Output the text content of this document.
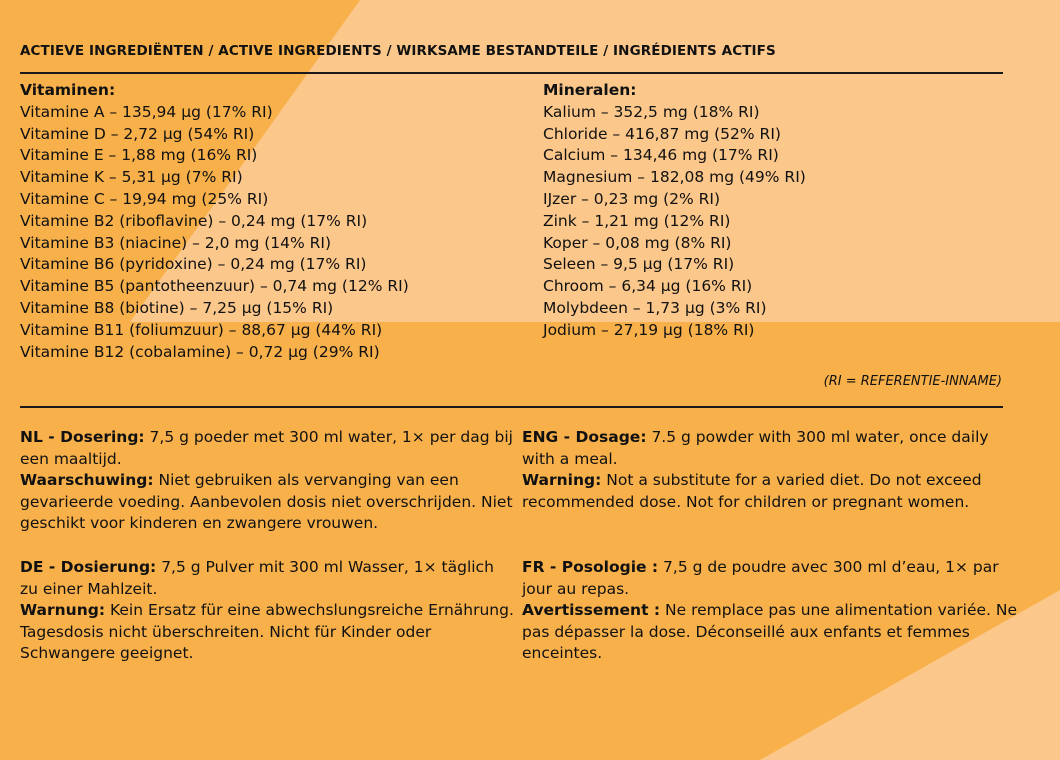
ACTIEVE INGREDIËNTEN / ACTIVE INGREDIENTS / WIRKSAME BESTANDTEILE / INGRÉDIENTS ACTIFS
Vitaminen:
Vitamine A – 135,94 μg (17% RI)
Vitamine D – 2,72 μg (54% RI)
Vitamine E – 1,88 mg (16% RI)
Vitamine K – 5,31 μg (7% RI)
Vitamine C – 19,94 mg (25% RI)
Vitamine B2 (riboflavine) – 0,24 mg (17% RI)
Vitamine B3 (niacine) – 2,0 mg (14% RI)
Vitamine B6 (pyridoxine) – 0,24 mg (17% RI)
Vitamine B5 (pantotheenzuur) – 0,74 mg (12% RI)
Vitamine B8 (biotine) – 7,25 μg (15% RI)
Vitamine B11 (foliumzuur) – 88,67 μg (44% RI)
Vitamine B12 (cobalamine) – 0,72 μg (29% RI)
Mineralen:
Kalium – 352,5 mg (18% RI)
Chloride – 416,87 mg (52% RI)
Calcium – 134,46 mg (17% RI)
Magnesium – 182,08 mg (49% RI)
IJzer – 0,23 mg (2% RI)
Zink – 1,21 mg (12% RI)
Koper – 0,08 mg (8% RI)
Seleen – 9,5 μg (17% RI)
Chroom – 6,34 μg (16% RI)
Molybdeen – 1,73 μg (3% RI)
Jodium – 27,19 μg (18% RI)
(RI = REFERENTIE-INNAME)
NL - Dosering: 7,5 g poeder met 300 ml water, 1× per dag bij een maaltijd.
Waarschuwing: Niet gebruiken als vervanging van een gevarieerde voeding. Aanbevolen dosis niet overschrijden. Niet geschikt voor kinderen en zwangere vrouwen.
ENG - Dosage: 7.5 g powder with 300 ml water, once daily with a meal.
Warning: Not a substitute for a varied diet. Do not exceed recommended dose. Not for children or pregnant women.
DE - Dosierung: 7,5 g Pulver mit 300 ml Wasser, 1× täglich zu einer Mahlzeit.
Warnung: Kein Ersatz für eine abwechslungsreiche Ernährung. Tagesdosis nicht überschreiten. Nicht für Kinder oder Schwangere geeignet.
FR - Posologie : 7,5 g de poudre avec 300 ml d’eau, 1× par jour au repas.
Avertissement : Ne remplace pas une alimentation variée. Ne pas dépasser la dose. Déconseillé aux enfants et femmes enceintes.
